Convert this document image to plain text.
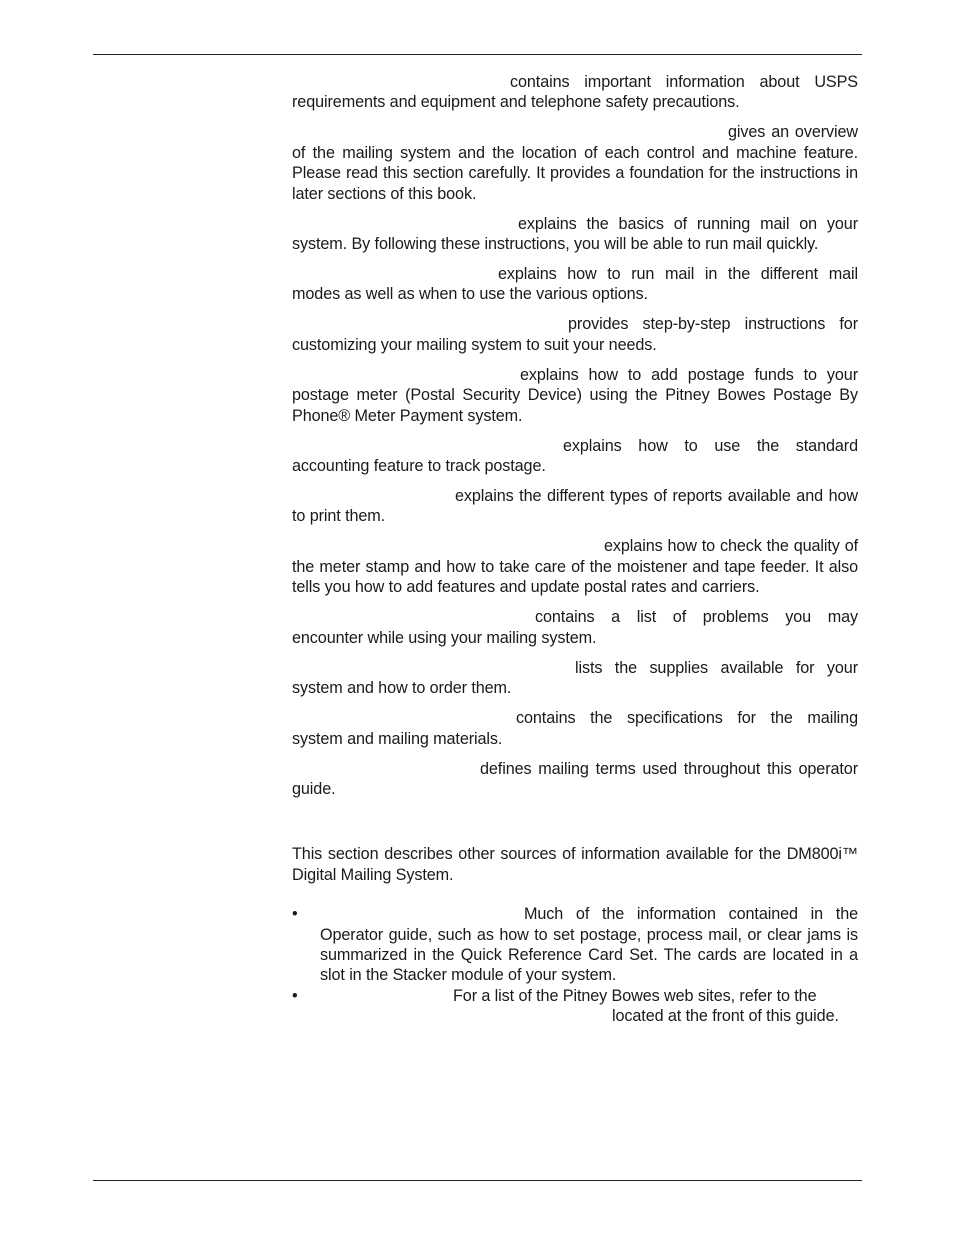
contains important information about USPS requirements and equipment and telephone safety precautions.

gives an overview of the mailing system and the location of each control and machine feature. Please read this section carefully. It provides a foundation for the instructions in later sections of this book.

explains the basics of running mail on your system. By following these instructions, you will be able to run mail quickly.

explains how to run mail in the different mail modes as well as when to use the various options.

provides step-by-step instructions for customizing your mailing system to suit your needs.

explains how to add postage funds to your postage meter (Postal Security Device) using the Pitney Bowes Postage By Phone® Meter Payment system.

explains how to use the standard accounting feature to track postage.

explains the different types of reports available and how to print them.

explains how to check the quality of the meter stamp and how to take care of the moistener and tape feeder. It also tells you how to add features and update postal rates and carriers.

contains a list of problems you may encounter while using your mailing system.

lists the supplies available for your system and how to order them.

contains the specifications for the mailing system and mailing materials.

defines mailing terms used throughout this operator guide.

This section describes other sources of information available for the DM800i™ Digital Mailing System.

•	Much of the information contained in the Operator guide, such as how to set postage, process mail, or clear jams is summarized in the Quick Reference Card Set. The cards are located in a slot in the Stacker module of your system.
•	For a list of the Pitney Bowes web sites, refer to the
located at the front of this guide.
